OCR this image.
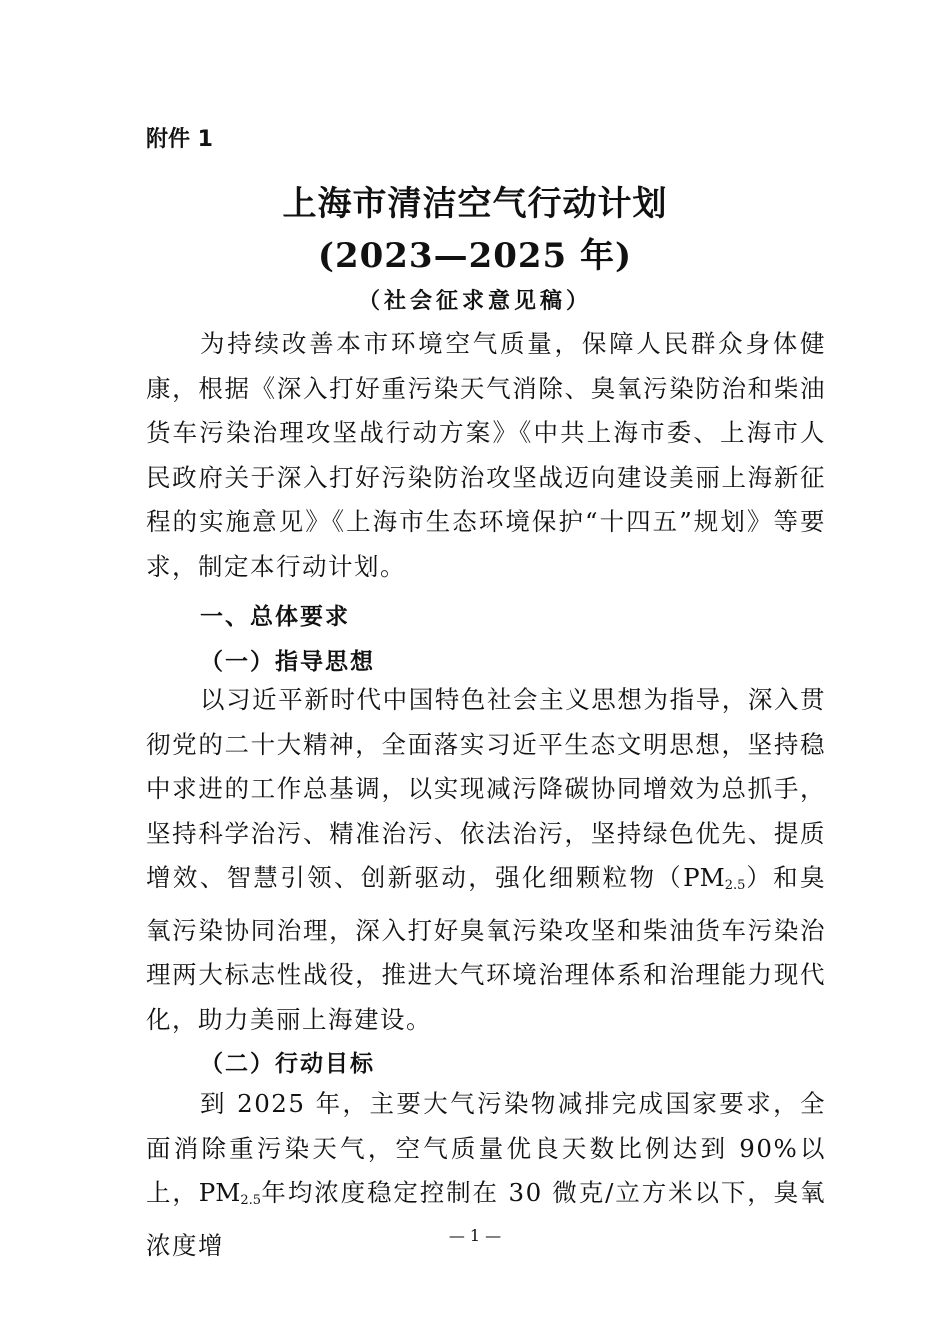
附件 1
上海市清洁空气行动计划
(2023—2025 年)
（社会征求意见稿）

为持续改善本市环境空气质量，保障人民群众身体健康，根据《深入打好重污染天气消除、臭氧污染防治和柴油货车污染治理攻坚战行动方案》《中共上海市委、上海市人民政府关于深入打好污染防治攻坚战迈向建设美丽上海新征程的实施意见》《上海市生态环境保护“十四五”规划》等要求，制定本行动计划。

一、总体要求
（一）指导思想

以习近平新时代中国特色社会主义思想为指导，深入贯彻党的二十大精神，全面落实习近平生态文明思想，坚持稳中求进的工作总基调，以实现减污降碳协同增效为总抓手，坚持科学治污、精准治污、依法治污，坚持绿色优先、提质增效、智慧引领、创新驱动，强化细颗粒物$(PM_{2.5})$和臭氧污染协同治理，深入打好臭氧污染攻坚和柴油货车污染治理两大标志性战役，推进大气环境治理体系和治理能力现代化，助力美丽上海建设。

（二）行动目标

到 2025 年，主要大气污染物减排完成国家要求，全面消除重污染天气，空气质量优良天数比例达到 90%以上，$PM_{2.5}$年均浓度稳定控制在 30 微克/立方米以下，臭氧浓度增	— 1 —
